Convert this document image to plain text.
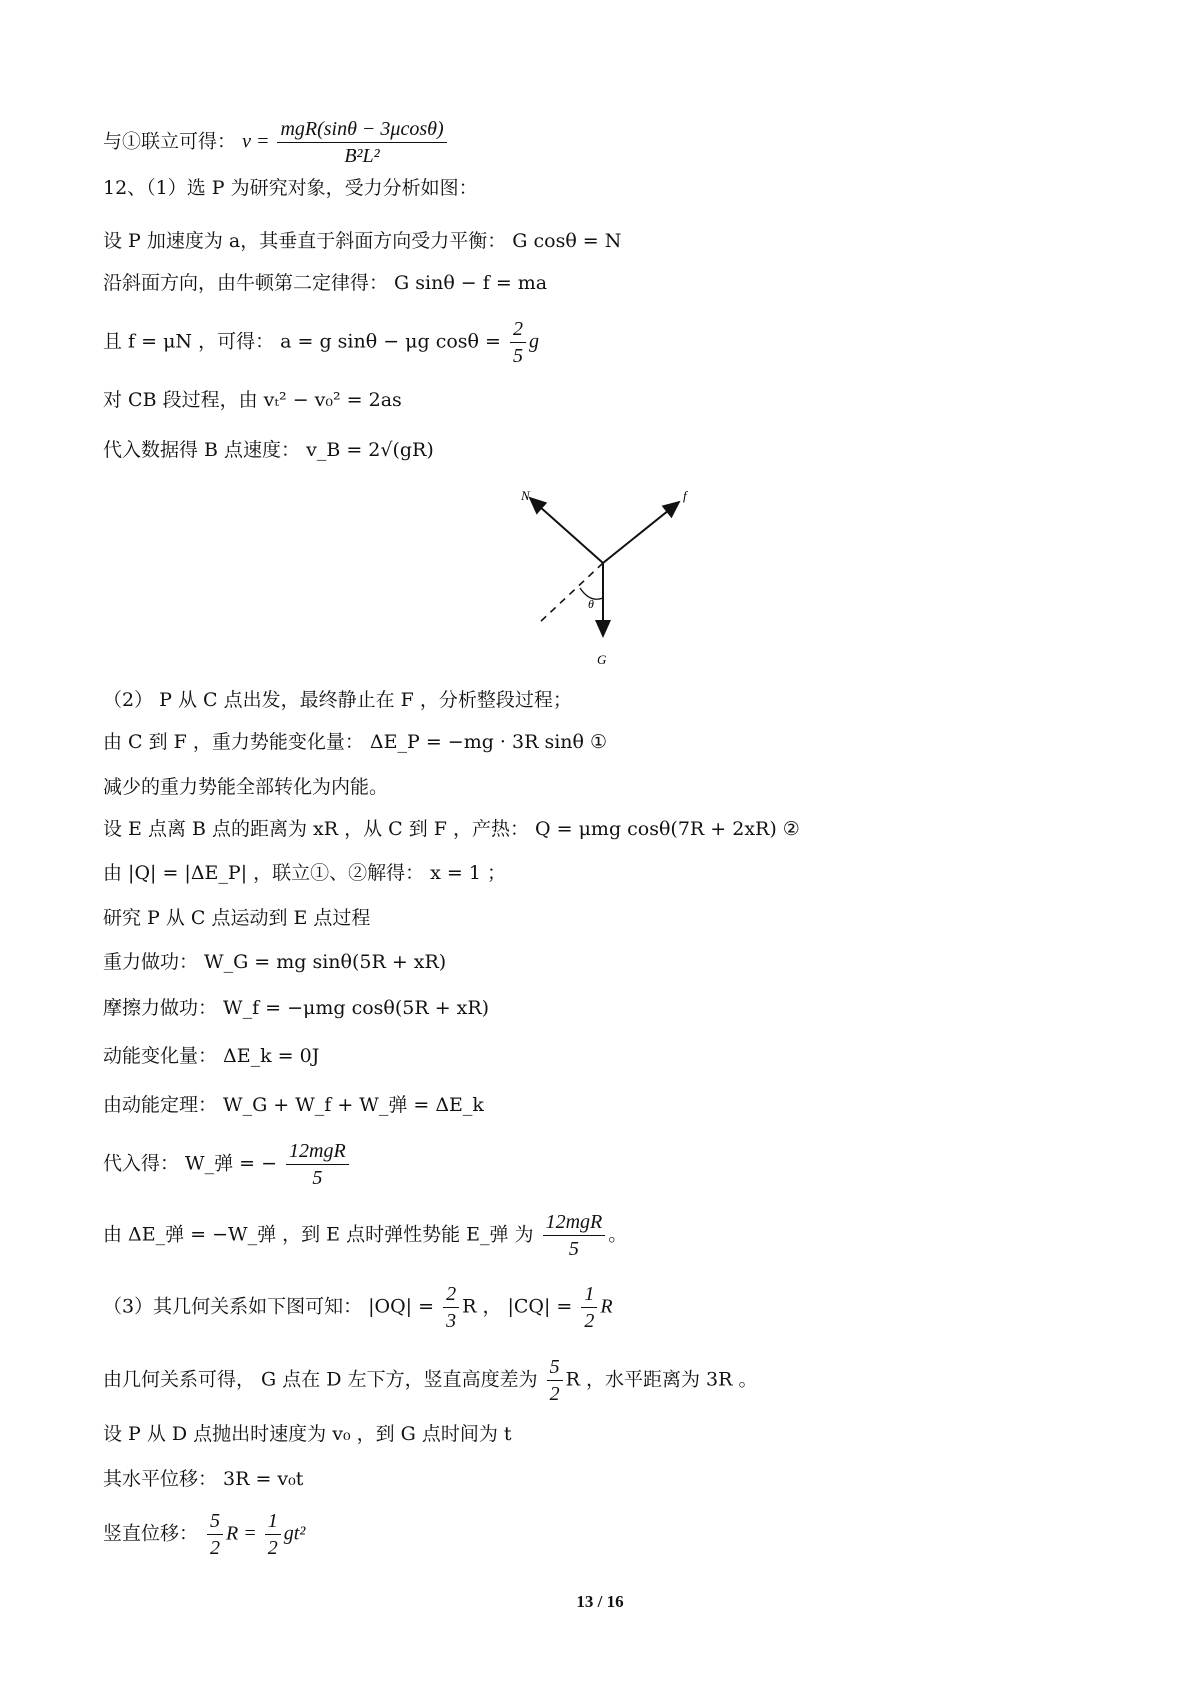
与①联立可得： $v = \frac{\text{mgR(sinθ − 3μcosθ)}}{\text{B²L²}}$
12、（1）选 P 为研究对象，受力分析如图：
设 P 加速度为 a，其垂直于斜面方向受力平衡： G cosθ = N
沿斜面方向，由牛顿第二定律得： G sinθ − f = ma
且 f = μN ，可得： a = g sinθ − μg $\cos\theta = \frac{2}{5}$ g
对 CB 段过程，由 vₜ² − v₀² = 2as
代入数据得 B 点速度： v_B = 2√(gR)
N	f
θ
G
（2） P 从 C 点出发，最终静止在 F ，分析整段过程；
由 C 到 F ，重力势能变化量： ΔE_P = −mg · 3R sinθ ①
减少的重力势能全部转化为内能。
设 E 点离 B 点的距离为 xR ，从 C 到 F ，产热： Q = μmg cosθ(7R + 2xR) ②
由 |Q| = |ΔE_P| ，联立①、②解得： x = 1 ；
研究 P 从 C 点运动到 E 点过程
重力做功： W_G = mg sinθ(5R + xR)
摩擦力做功： W_f = −μmg cosθ(5R + xR)
动能变化量： ΔE_k = 0J
由动能定理： W_G + W_f + W_弹 = ΔE_k
代入得： W_弹 = − $\frac{\text{12mgR}}{5}$
由 ΔE_弹 = −W_弹 ，到 E 点时弹性势能 E_弹 为 $\frac{\text{12mgR}}{5}$ 。
（3）其几何关系如下图可知： $|OQ| = \frac{2}{3}$ R ， $|CQ| = \frac{1}{2}$ R
由几何关系可得， G 点在 D 左下方，竖直高度差为 $\frac{5}{2}$ R ，水平距离为 3R 。
设 P 从 D 点抛出时速度为 v₀ ，到 G 点时间为 t
其水平位移： 3R = v₀t
竖直位移： $\frac{5}{2}$ $R = \frac{1}{2} gt^2$
13 / 16
